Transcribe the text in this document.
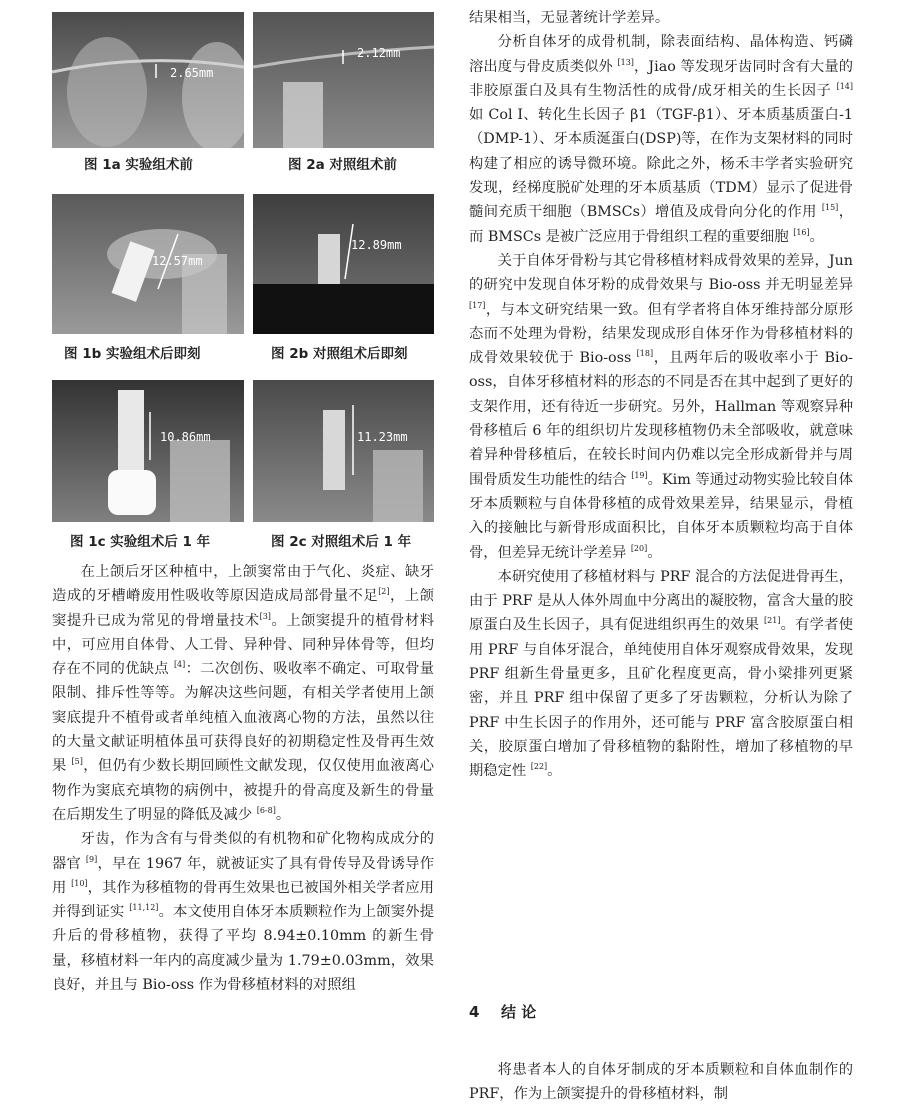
2.65mm
图 1a 实验组术前
2.12mm
图 2a 对照组术前
12.57mm
图 1b 实验组术后即刻
12.89mm
图 2b 对照组术后即刻
10.86mm
图 1c 实验组术后 1 年
11.23mm
图 2c 对照组术后 1 年

在上颌后牙区种植中，上颌窦常由于气化、炎症、缺牙造成的牙槽嵴废用性吸收等原因造成局部骨量不足[2]，上颌窦提升已成为常见的骨增量技术[3]。上颌窦提升的植骨材料中，可应用自体骨、人工骨、异种骨、同种异体骨等，但均存在不同的优缺点 [4]：二次创伤、吸收率不确定、可取骨量限制、排斥性等等。为解决这些问题，有相关学者使用上颌窦底提升不植骨或者单纯植入血液离心物的方法，虽然以往的大量文献证明植体虽可获得良好的初期稳定性及骨再生效果 [5]，但仍有少数长期回顾性文献发现，仅仅使用血液离心物作为窦底充填物的病例中，被提升的骨高度及新生的骨量在后期发生了明显的降低及减少 [6-8]。

牙齿，作为含有与骨类似的有机物和矿化物构成成分的器官 [9]，早在 1967 年，就被证实了具有骨传导及骨诱导作用 [10]，其作为移植物的骨再生效果也已被国外相关学者应用并得到证实 [11,12]。本文使用自体牙本质颗粒作为上颌窦外提升后的骨移植物，获得了平均 8.94±0.10mm 的新生骨量，移植材料一年内的高度减少量为 1.79±0.03mm，效果良好，并且与 Bio-oss 作为骨移植材料的对照组

结果相当，无显著统计学差异。

分析自体牙的成骨机制，除表面结构、晶体构造、钙磷溶出度与骨皮质类似外 [13]，Jiao 等发现牙齿同时含有大量的非胶原蛋白及具有生物活性的成骨/成牙相关的生长因子 [14] 如 Col Ⅰ、转化生长因子 β1（TGF-β1）、牙本质基质蛋白-1（DMP-1）、牙本质涎蛋白(DSP)等，在作为支架材料的同时构建了相应的诱导微环境。除此之外，杨禾丰学者实验研究发现，经梯度脱矿处理的牙本质基质（TDM）显示了促进骨髓间充质干细胞（BMSCs）增值及成骨向分化的作用 [15]，而 BMSCs 是被广泛应用于骨组织工程的重要细胞 [16]。

关于自体牙骨粉与其它骨移植材料成骨效果的差异，Jun 的研究中发现自体牙粉的成骨效果与 Bio-oss 并无明显差异 [17]，与本文研究结果一致。但有学者将自体牙维持部分原形态而不处理为骨粉，结果发现成形自体牙作为骨移植材料的成骨效果较优于 Bio-oss [18]，且两年后的吸收率小于 Bio-oss，自体牙移植材料的形态的不同是否在其中起到了更好的支架作用，还有待近一步研究。另外，Hallman 等观察异种骨移植后 6 年的组织切片发现移植物仍未全部吸收，就意味着异种骨移植后，在较长时间内仍难以完全形成新骨并与周围骨质发生功能性的结合 [19]。Kim 等通过动物实验比较自体牙本质颗粒与自体骨移植的成骨效果差异，结果显示，骨植入的接触比与新骨形成面积比，自体牙本质颗粒均高于自体骨，但差异无统计学差异 [20]。

本研究使用了移植材料与 PRF 混合的方法促进骨再生，由于 PRF 是从人体外周血中分离出的凝胶物，富含大量的胶原蛋白及生长因子，具有促进组织再生的效果 [21]。有学者使用 PRF 与自体牙混合，单纯使用自体牙观察成骨效果，发现 PRF 组新生骨量更多，且矿化程度更高，骨小梁排列更紧密，并且 PRF 组中保留了更多了牙齿颗粒，分析认为除了 PRF 中生长因子的作用外，还可能与 PRF 富含胶原蛋白相关，胶原蛋白增加了骨移植物的黏附性，增加了移植物的早期稳定性 [22]。

4 结 论

将患者本人的自体牙制成的牙本质颗粒和自体血制作的 PRF，作为上颌窦提升的骨移植材料，制
